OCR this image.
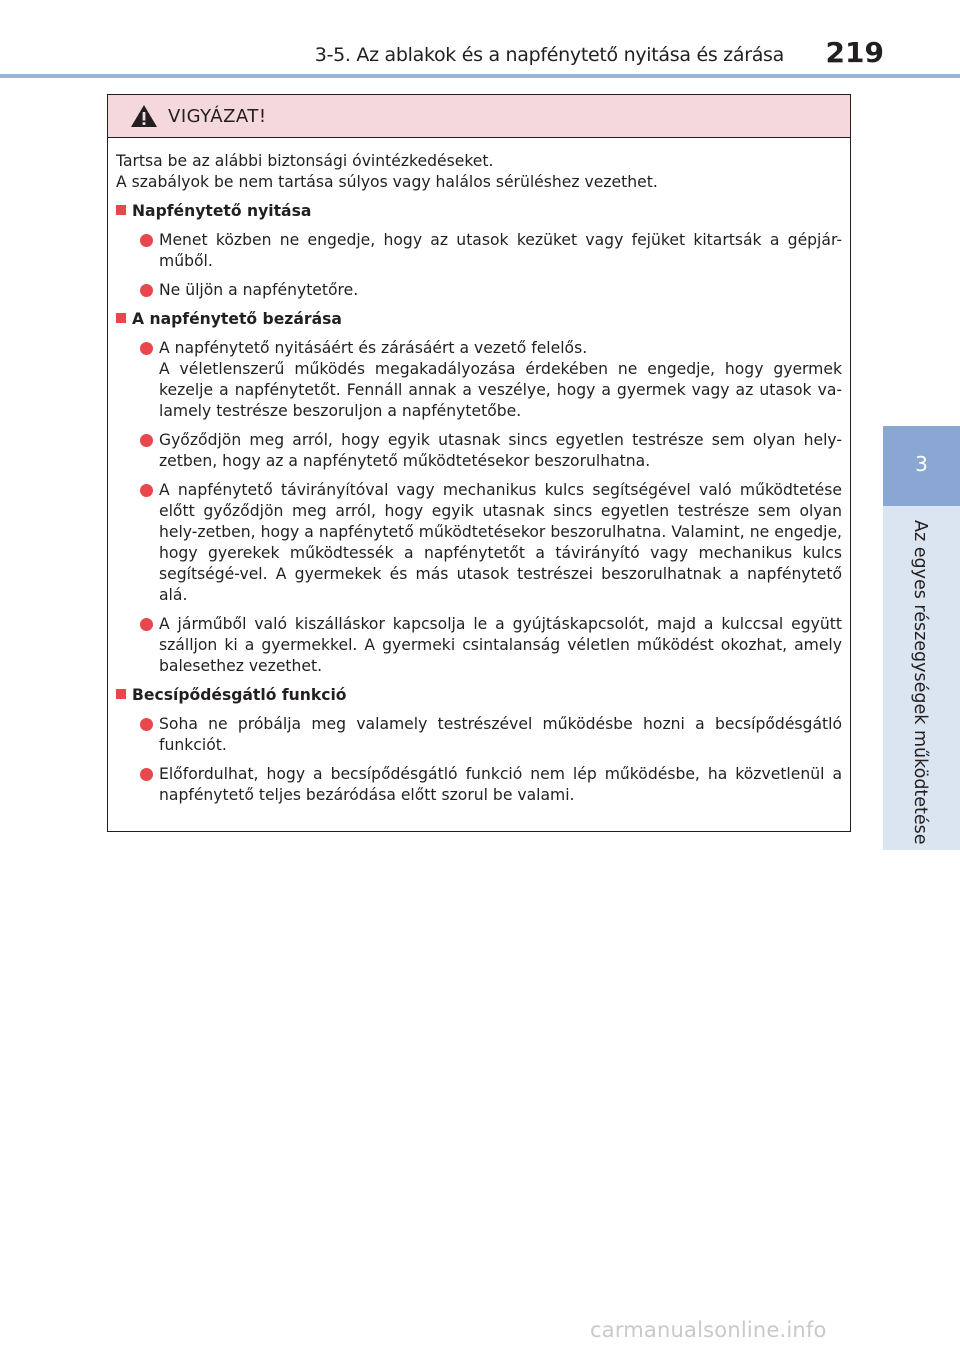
3-5. Az ablakok és a napfénytető nyitása és zárása 219
3
Az egyes részegységek működtetése
VIGYÁZAT!

Tartsa be az alábbi biztonsági óvintézkedéseket.

A szabályok be nem tartása súlyos vagy halálos sérüléshez vezethet.

Napfénytető nyitása
Menet közben ne engedje, hogy az utasok kezüket vagy fejüket kitartsák a gépjár-műből.
Ne üljön a napfénytetőre.
A napfénytető bezárása
A napfénytető nyitásáért és zárásáért a vezető felelős.
A véletlenszerű működés megakadályozása érdekében ne engedje, hogy gyermek kezelje a napfénytetőt. Fennáll annak a veszélye, hogy a gyermek vagy az utasok va-lamely testrésze beszoruljon a napfénytetőbe.
Győződjön meg arról, hogy egyik utasnak sincs egyetlen testrésze sem olyan hely-zetben, hogy az a napfénytető működtetésekor beszorulhatna.
A napfénytető távirányítóval vagy mechanikus kulcs segítségével való működtetése előtt győződjön meg arról, hogy egyik utasnak sincs egyetlen testrésze sem olyan hely-zetben, hogy a napfénytető működtetésekor beszorulhatna. Valamint, ne engedje, hogy gyerekek működtessék a napfénytetőt a távirányító vagy mechanikus kulcs segítségé-vel. A gyermekek és más utasok testrészei beszorulhatnak a napfénytető alá.
A járműből való kiszálláskor kapcsolja le a gyújtáskapcsolót, majd a kulccsal együtt szálljon ki a gyermekkel. A gyermeki csintalanság véletlen működést okozhat, amely balesethez vezethet.
Becsípődésgátló funkció
Soha ne próbálja meg valamely testrészével működésbe hozni a becsípődésgátló funkciót.
Előfordulhat, hogy a becsípődésgátló funkció nem lép működésbe, ha közvetlenül a napfénytető teljes bezáródása előtt szorul be valami.
carmanualsonline.info
